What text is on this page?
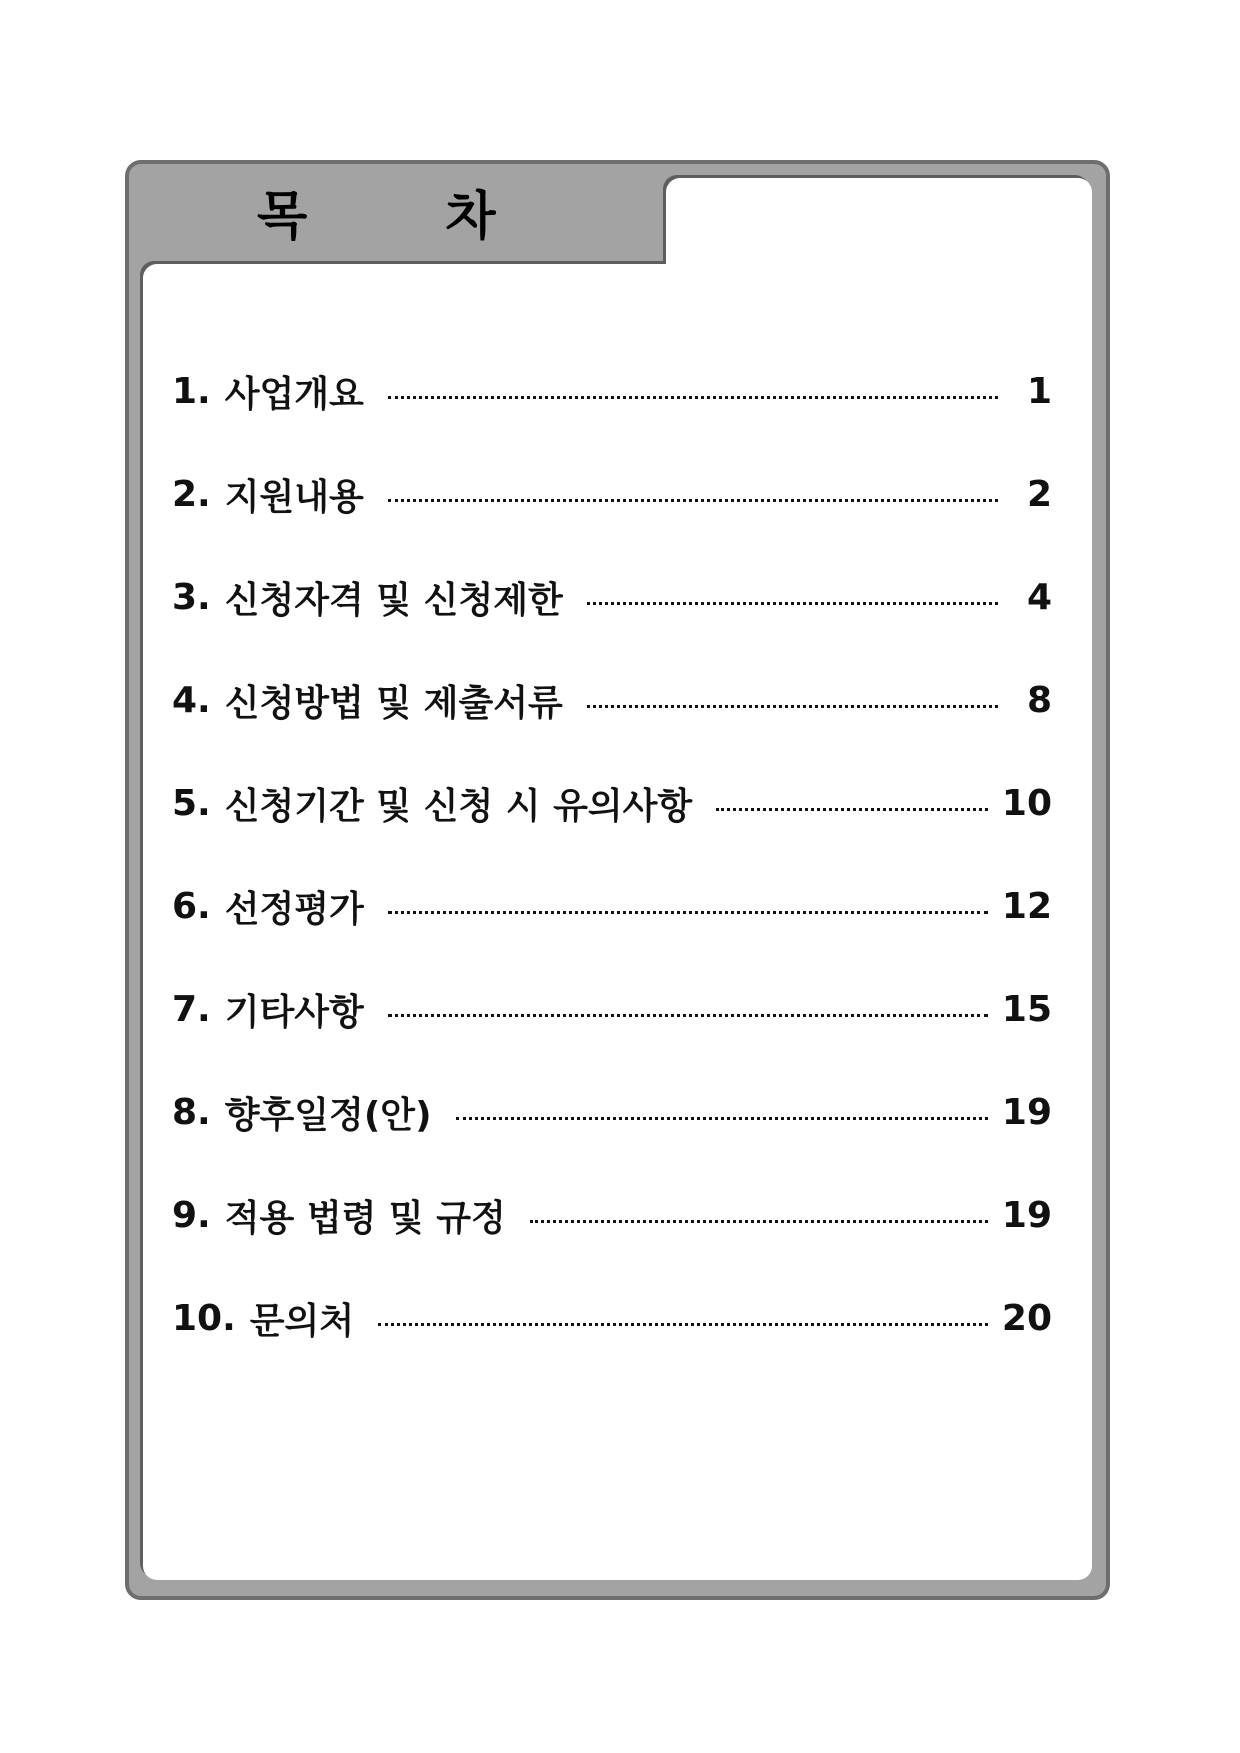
목 차
1. 사업개요	1
2. 지원내용	2
3. 신청자격 및 신청제한	4
4. 신청방법 및 제출서류	8
5. 신청기간 및 신청 시 유의사항	10
6. 선정평가	12
7. 기타사항	15
8. 향후일정(안)	19
9. 적용 법령 및 규정	19
10. 문의처	20
